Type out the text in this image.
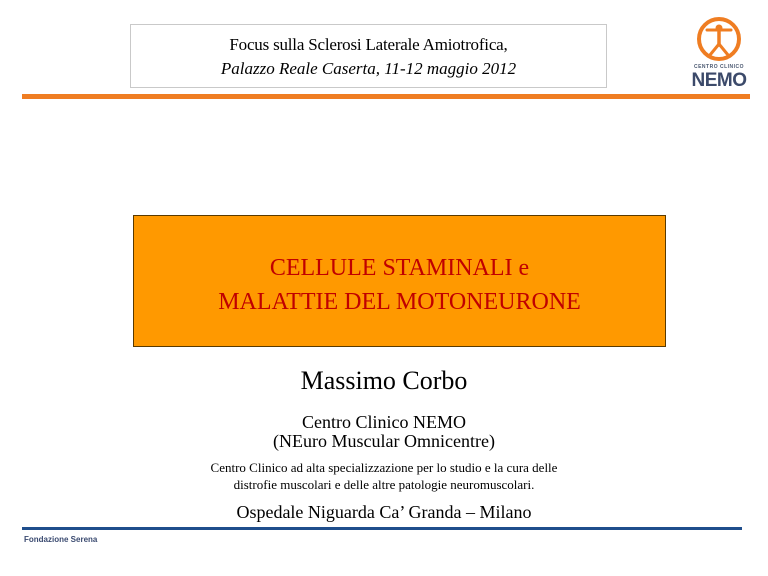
Focus sulla Sclerosi Laterale Amiotrofica,
Palazzo Reale Caserta, 11-12 maggio 2012	CENTRO CLINICO
NEMO
CELLULE STAMINALI e
MALATTIE DEL MOTONEURONE
Massimo Corbo
Centro Clinico NEMO
(NEuro Muscular Omnicentre)
Centro Clinico ad alta specializzazione per lo studio e la cura delle
distrofie muscolari e delle altre patologie neuromuscolari.
Ospedale Niguarda Ca’ Granda – Milano
Fondazione Serena
